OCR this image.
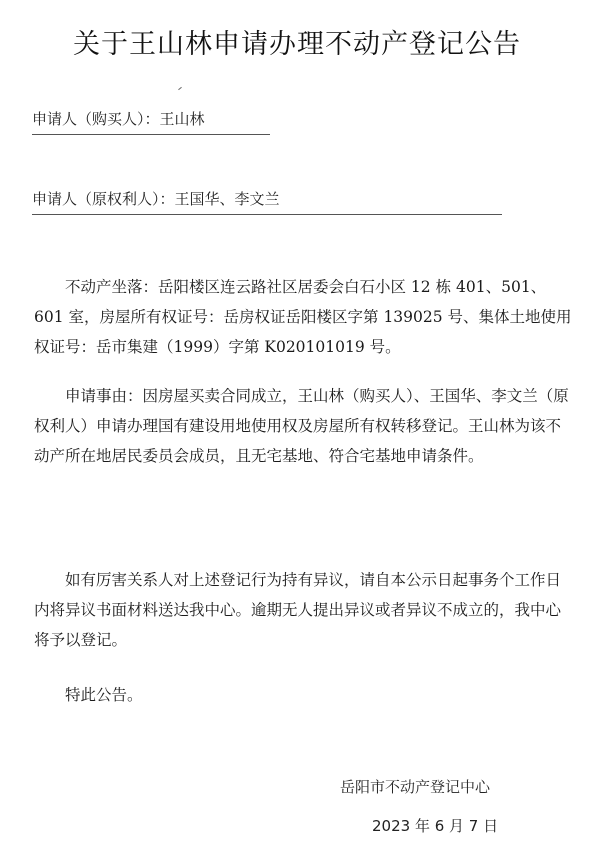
关于王山林申请办理不动产登记公告
申请人（购买人）：王山林
申请人（原权利人）：王国华、李文兰

不动产坐落：岳阳楼区连云路社区居委会白石小区 12 栋 401、501、601 室，房屋所有权证号：岳房权证岳阳楼区字第 139025 号、集体土地使用权证号：岳市集建（1999）字第 K020101019 号。

申请事由：因房屋买卖合同成立，王山林（购买人）、王国华、李文兰（原权利人）申请办理国有建设用地使用权及房屋所有权转移登记。王山林为该不动产所在地居民委员会成员，且无宅基地、符合宅基地申请条件。

如有厉害关系人对上述登记行为持有异议，请自本公示日起事务个工作日内将异议书面材料送达我中心。逾期无人提出异议或者异议不成立的，我中心将予以登记。

特此公告。

岳阳市不动产登记中心
2023 年 6 月 7 日
